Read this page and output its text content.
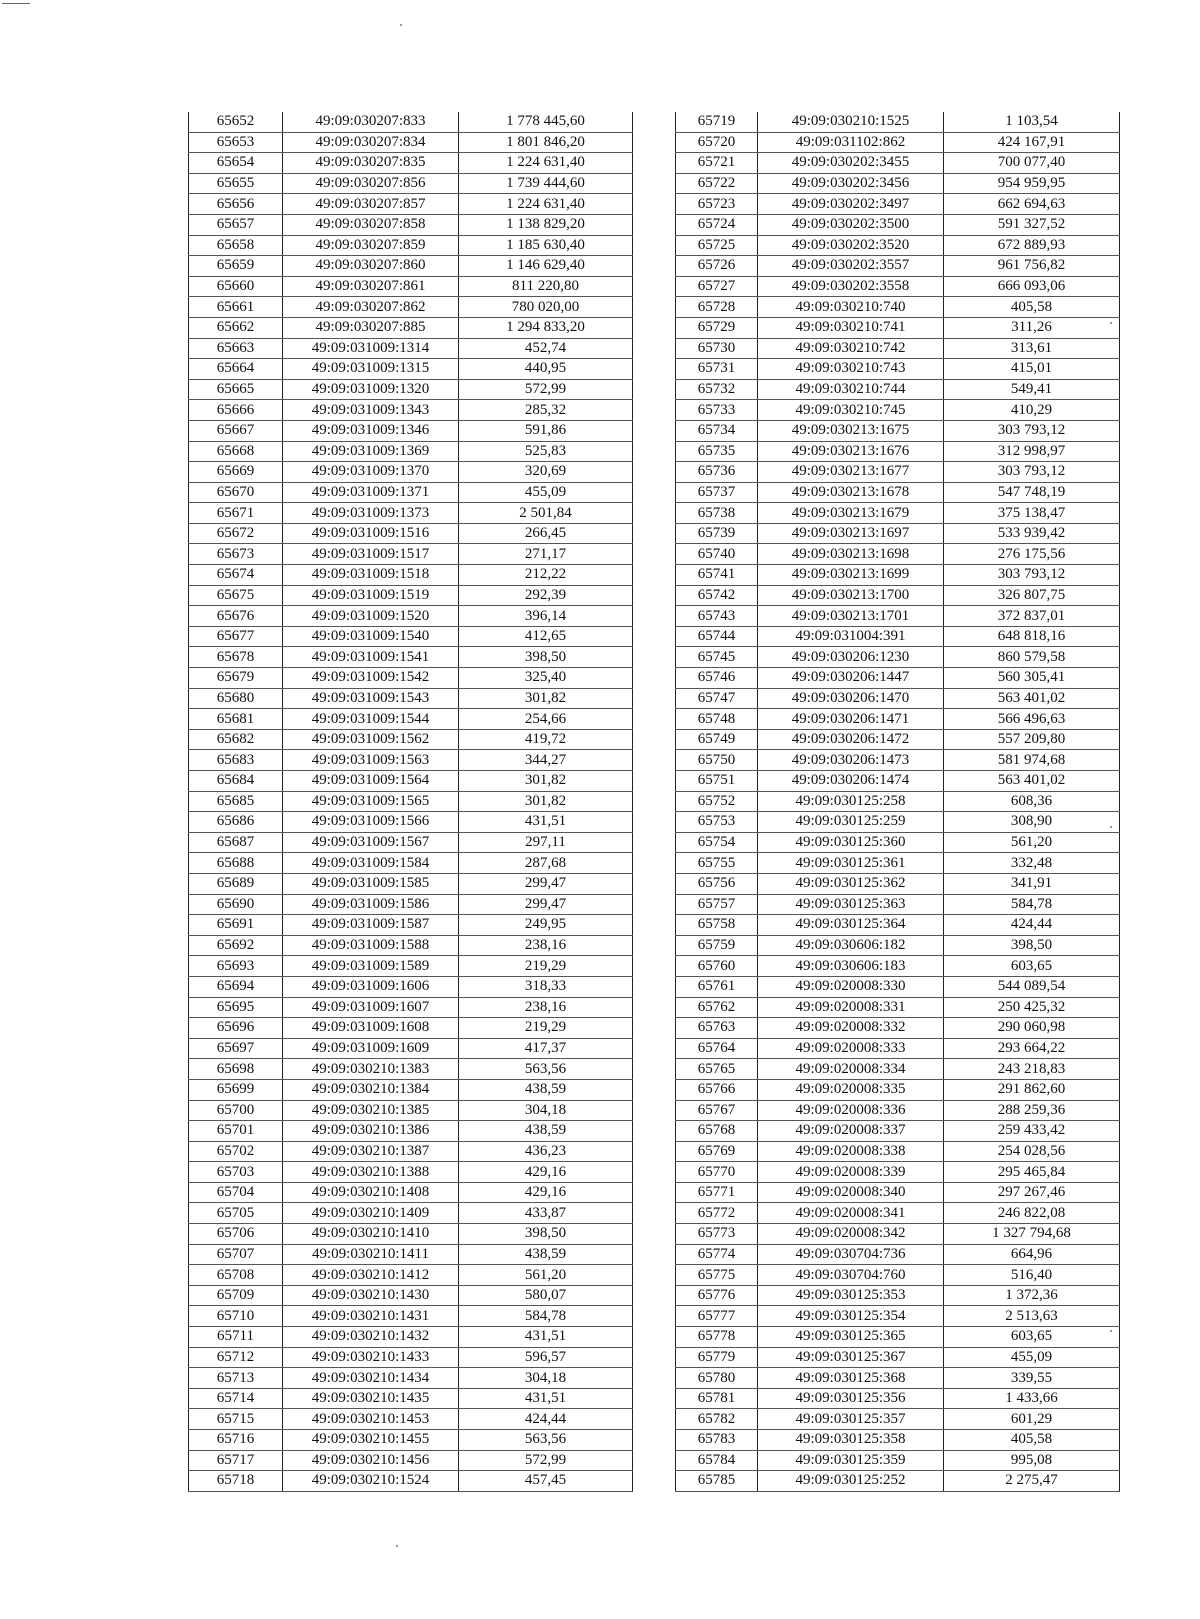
65652	49:09:030207:833	1 778 445,60
65653	49:09:030207:834	1 801 846,20
65654	49:09:030207:835	1 224 631,40
65655	49:09:030207:856	1 739 444,60
65656	49:09:030207:857	1 224 631,40
65657	49:09:030207:858	1 138 829,20
65658	49:09:030207:859	1 185 630,40
65659	49:09:030207:860	1 146 629,40
65660	49:09:030207:861	811 220,80
65661	49:09:030207:862	780 020,00
65662	49:09:030207:885	1 294 833,20
65663	49:09:031009:1314	452,74
65664	49:09:031009:1315	440,95
65665	49:09:031009:1320	572,99
65666	49:09:031009:1343	285,32
65667	49:09:031009:1346	591,86
65668	49:09:031009:1369	525,83
65669	49:09:031009:1370	320,69
65670	49:09:031009:1371	455,09
65671	49:09:031009:1373	2 501,84
65672	49:09:031009:1516	266,45
65673	49:09:031009:1517	271,17
65674	49:09:031009:1518	212,22
65675	49:09:031009:1519	292,39
65676	49:09:031009:1520	396,14
65677	49:09:031009:1540	412,65
65678	49:09:031009:1541	398,50
65679	49:09:031009:1542	325,40
65680	49:09:031009:1543	301,82
65681	49:09:031009:1544	254,66
65682	49:09:031009:1562	419,72
65683	49:09:031009:1563	344,27
65684	49:09:031009:1564	301,82
65685	49:09:031009:1565	301,82
65686	49:09:031009:1566	431,51
65687	49:09:031009:1567	297,11
65688	49:09:031009:1584	287,68
65689	49:09:031009:1585	299,47
65690	49:09:031009:1586	299,47
65691	49:09:031009:1587	249,95
65692	49:09:031009:1588	238,16
65693	49:09:031009:1589	219,29
65694	49:09:031009:1606	318,33
65695	49:09:031009:1607	238,16
65696	49:09:031009:1608	219,29
65697	49:09:031009:1609	417,37
65698	49:09:030210:1383	563,56
65699	49:09:030210:1384	438,59
65700	49:09:030210:1385	304,18
65701	49:09:030210:1386	438,59
65702	49:09:030210:1387	436,23
65703	49:09:030210:1388	429,16
65704	49:09:030210:1408	429,16
65705	49:09:030210:1409	433,87
65706	49:09:030210:1410	398,50
65707	49:09:030210:1411	438,59
65708	49:09:030210:1412	561,20
65709	49:09:030210:1430	580,07
65710	49:09:030210:1431	584,78
65711	49:09:030210:1432	431,51
65712	49:09:030210:1433	596,57
65713	49:09:030210:1434	304,18
65714	49:09:030210:1435	431,51
65715	49:09:030210:1453	424,44
65716	49:09:030210:1455	563,56
65717	49:09:030210:1456	572,99
65718	49:09:030210:1524	457,45
65719	49:09:030210:1525	1 103,54
65720	49:09:031102:862	424 167,91
65721	49:09:030202:3455	700 077,40
65722	49:09:030202:3456	954 959,95
65723	49:09:030202:3497	662 694,63
65724	49:09:030202:3500	591 327,52
65725	49:09:030202:3520	672 889,93
65726	49:09:030202:3557	961 756,82
65727	49:09:030202:3558	666 093,06
65728	49:09:030210:740	405,58
65729	49:09:030210:741	311,26
65730	49:09:030210:742	313,61
65731	49:09:030210:743	415,01
65732	49:09:030210:744	549,41
65733	49:09:030210:745	410,29
65734	49:09:030213:1675	303 793,12
65735	49:09:030213:1676	312 998,97
65736	49:09:030213:1677	303 793,12
65737	49:09:030213:1678	547 748,19
65738	49:09:030213:1679	375 138,47
65739	49:09:030213:1697	533 939,42
65740	49:09:030213:1698	276 175,56
65741	49:09:030213:1699	303 793,12
65742	49:09:030213:1700	326 807,75
65743	49:09:030213:1701	372 837,01
65744	49:09:031004:391	648 818,16
65745	49:09:030206:1230	860 579,58
65746	49:09:030206:1447	560 305,41
65747	49:09:030206:1470	563 401,02
65748	49:09:030206:1471	566 496,63
65749	49:09:030206:1472	557 209,80
65750	49:09:030206:1473	581 974,68
65751	49:09:030206:1474	563 401,02
65752	49:09:030125:258	608,36
65753	49:09:030125:259	308,90
65754	49:09:030125:360	561,20
65755	49:09:030125:361	332,48
65756	49:09:030125:362	341,91
65757	49:09:030125:363	584,78
65758	49:09:030125:364	424,44
65759	49:09:030606:182	398,50
65760	49:09:030606:183	603,65
65761	49:09:020008:330	544 089,54
65762	49:09:020008:331	250 425,32
65763	49:09:020008:332	290 060,98
65764	49:09:020008:333	293 664,22
65765	49:09:020008:334	243 218,83
65766	49:09:020008:335	291 862,60
65767	49:09:020008:336	288 259,36
65768	49:09:020008:337	259 433,42
65769	49:09:020008:338	254 028,56
65770	49:09:020008:339	295 465,84
65771	49:09:020008:340	297 267,46
65772	49:09:020008:341	246 822,08
65773	49:09:020008:342	1 327 794,68
65774	49:09:030704:736	664,96
65775	49:09:030704:760	516,40
65776	49:09:030125:353	1 372,36
65777	49:09:030125:354	2 513,63
65778	49:09:030125:365	603,65
65779	49:09:030125:367	455,09
65780	49:09:030125:368	339,55
65781	49:09:030125:356	1 433,66
65782	49:09:030125:357	601,29
65783	49:09:030125:358	405,58
65784	49:09:030125:359	995,08
65785	49:09:030125:252	2 275,47
